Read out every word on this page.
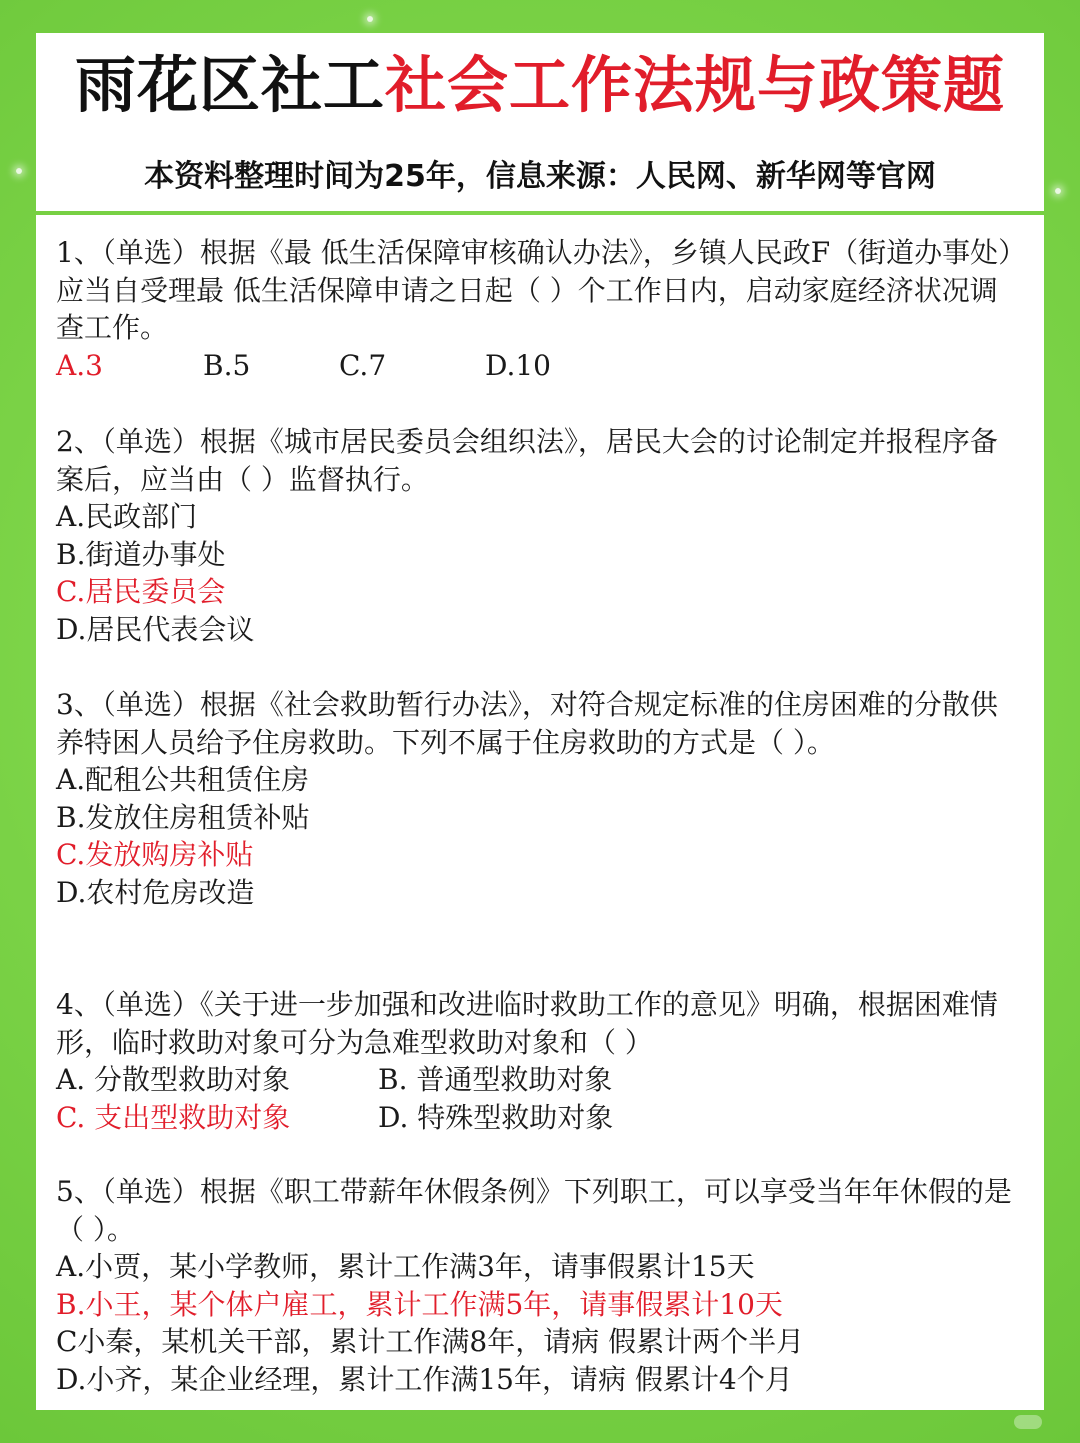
雨花区社工社会工作法规与政策题
本资料整理时间为25年，信息来源：人民网、新华网等官网

1、（单选）根据《最 低生活保障审核确认办法》，乡镇人民政F（街道办事处）应当自受理最 低生活保障申请之日起（ ）个工作日内，启动家庭经济状况调查工作。

A.3	B.5	C.7	D.10

2、（单选）根据《城市居民委员会组织法》，居民大会的讨论制定并报程序备案后，应当由（ ）监督执行。

A.民政部门

B.街道办事处

C.居民委员会

D.居民代表会议

3、（单选）根据《社会救助暂行办法》，对符合规定标准的住房困难的分散供养特困人员给予住房救助。下列不属于住房救助的方式是（ ）。

A.配租公共租赁住房

B.发放住房租赁补贴

C.发放购房补贴

D.农村危房改造

4、（单选）《关于进一步加强和改进临时救助工作的意见》明确，根据困难情形，临时救助对象可分为急难型救助对象和（ ）

A. 分散型救助对象	B. 普通型救助对象
C. 支出型救助对象	D. 特殊型救助对象

5、（单选）根据《职工带薪年休假条例》下列职工，可以享受当年年休假的是（ ）。

A.小贾，某小学教师，累计工作满3年，请事假累计15天

B.小王，某个体户雇工，累计工作满5年，请事假累计10天

C小秦，某机关干部，累计工作满8年，请病 假累计两个半月

D.小齐，某企业经理，累计工作满15年，请病 假累计4个月
